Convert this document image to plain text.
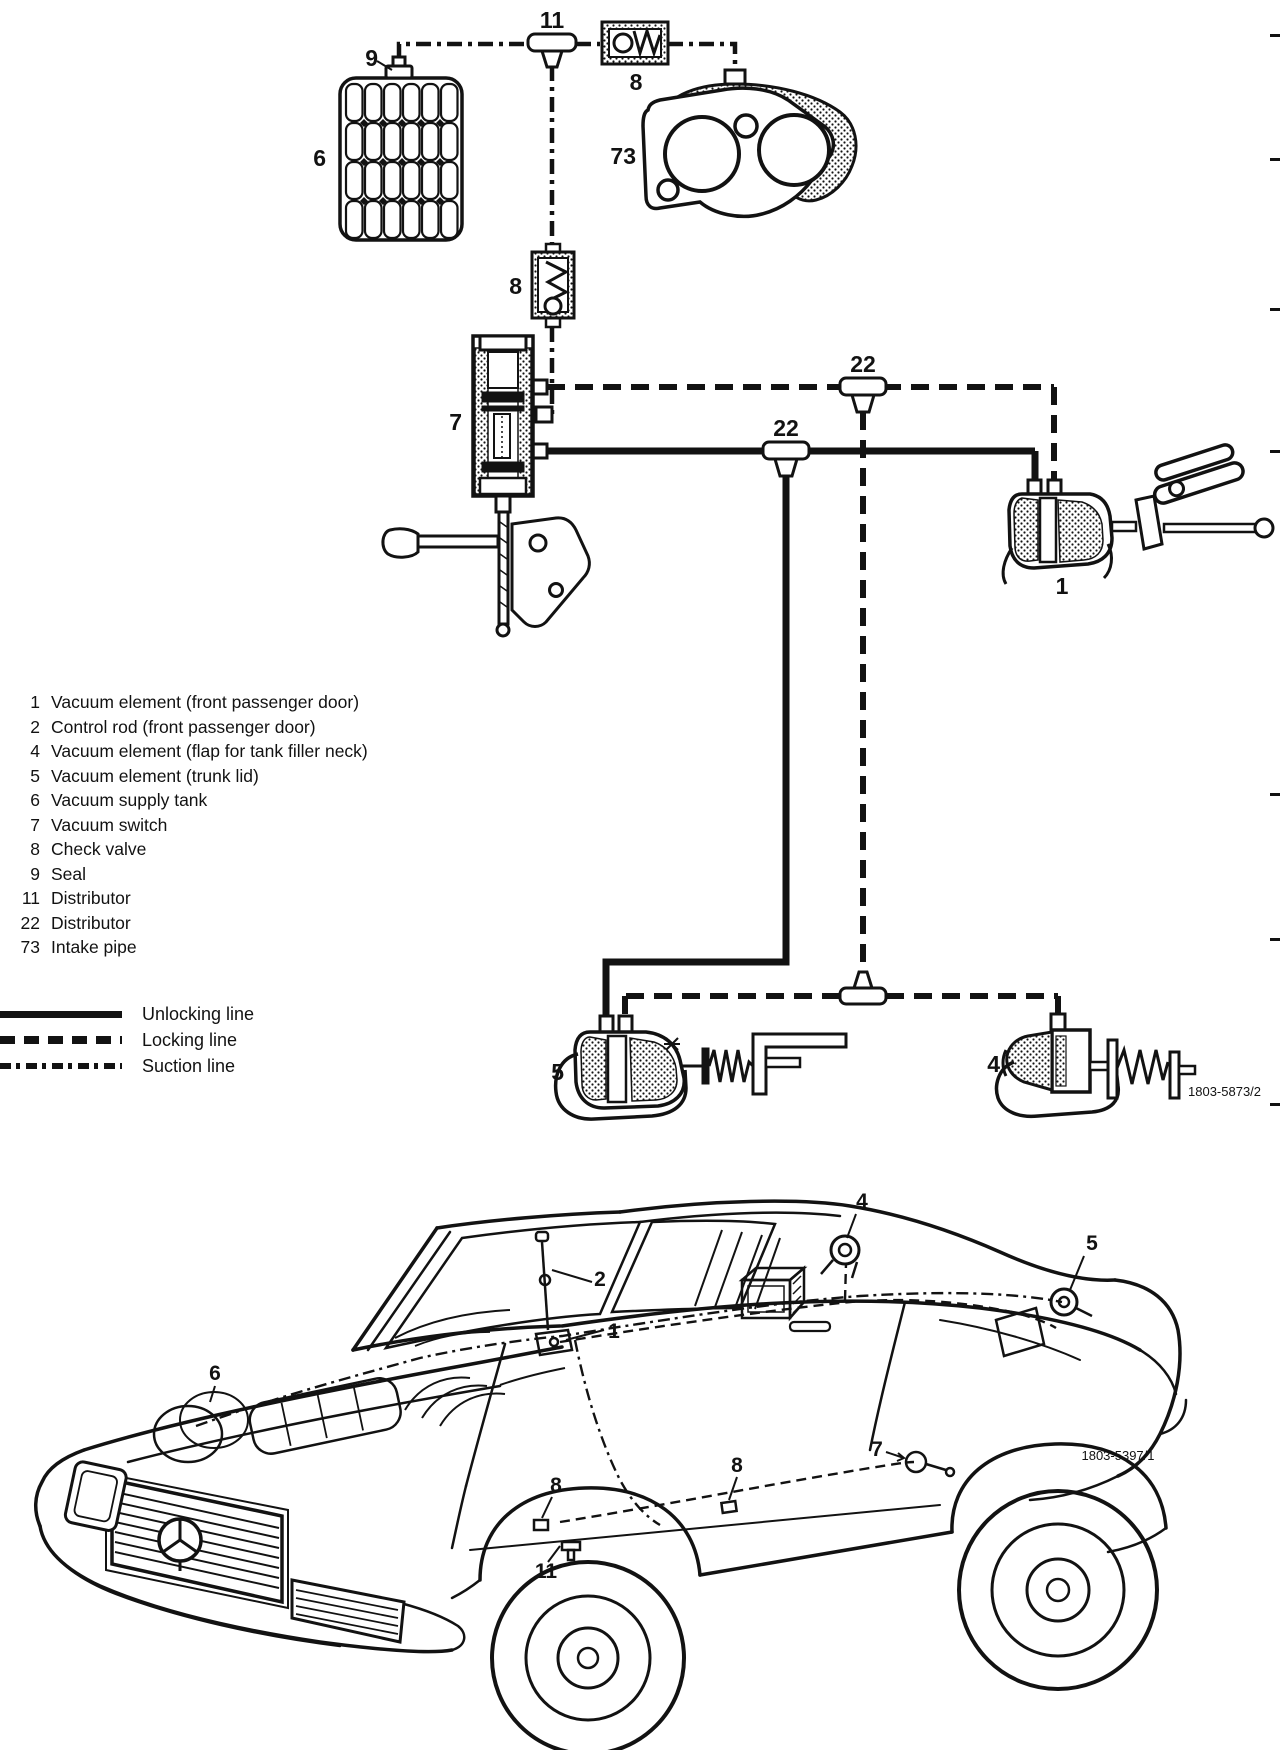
9
6
11
8
73
8
7
22
22
1
5	4
1803-5873/2
1 Vacuum element (front passenger door)
2 Control rod (front passenger door)
4 Vacuum element (flap for tank filler neck)
5 Vacuum element (trunk lid)
6 Vacuum supply tank
7 Vacuum switch
8 Check valve
9 Seal
11 Distributor
22 Distributor
73 Intake pipe
Unlocking line
Locking line
Suction line
6
2
1
4
5
7
8
8
11
1803-5397/1
